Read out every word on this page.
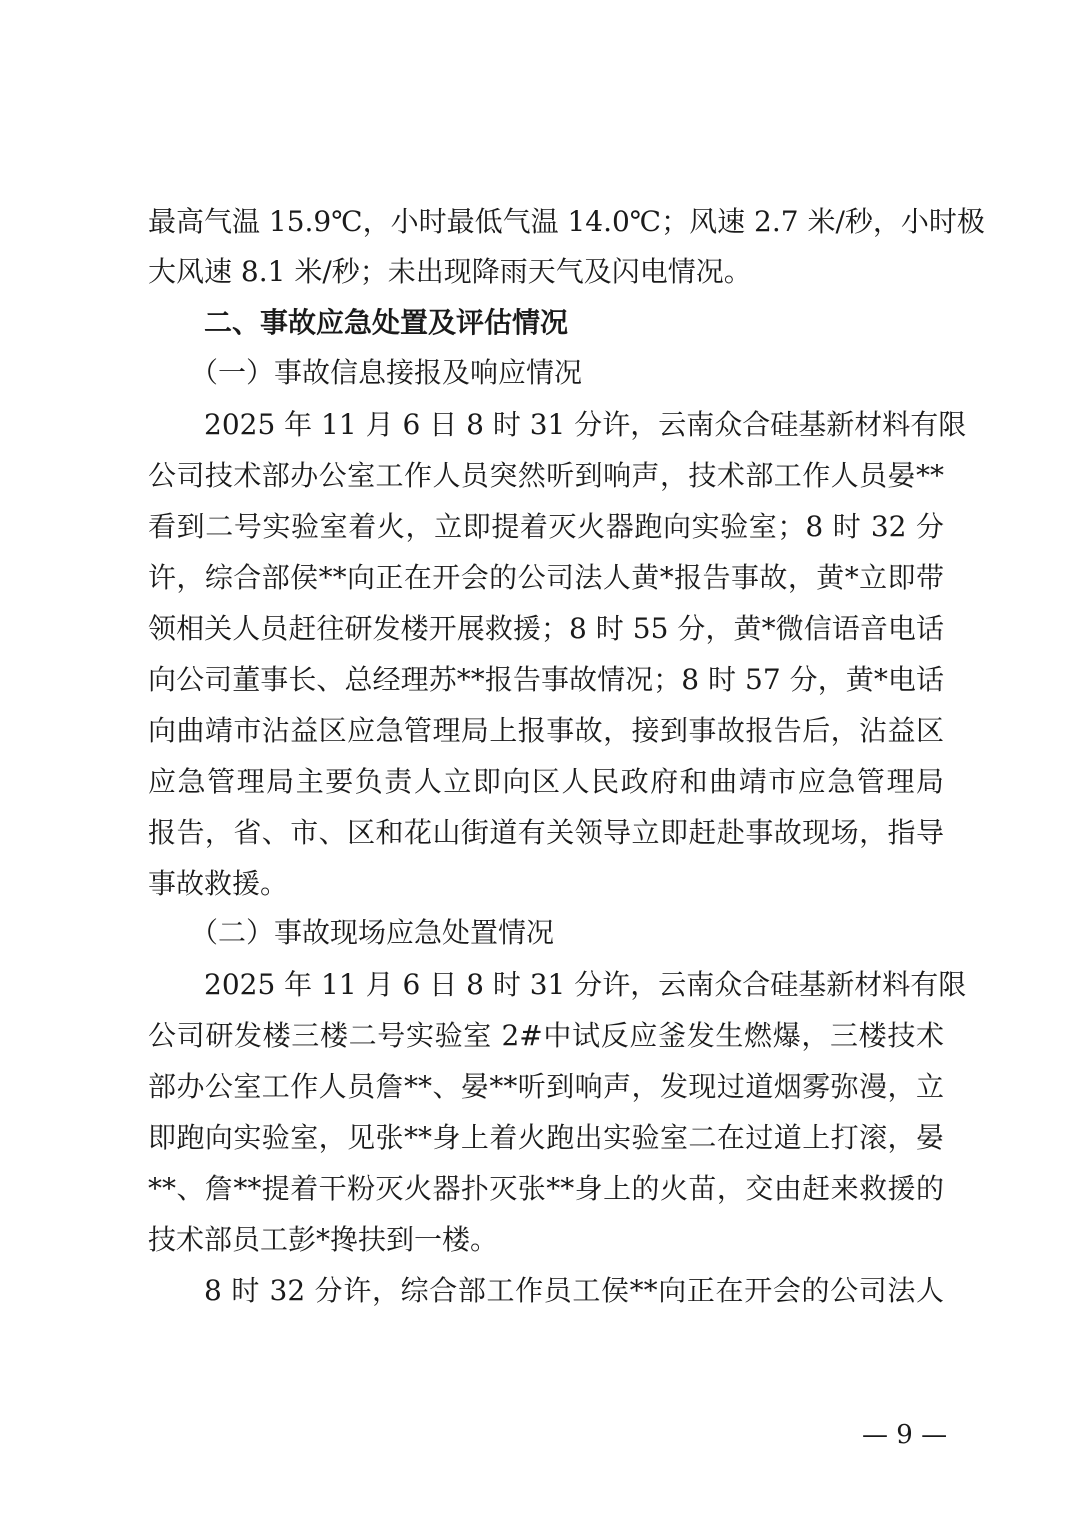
最高气温 15.9℃，小时最低气温 14.0℃；风速 2.7 米/秒，小时极
大风速 8.1 米/秒；未出现降雨天气及闪电情况。
二、事故应急处置及评估情况
（一）事故信息接报及响应情况
2025 年 11 月 6 日 8 时 31 分许，云南众合硅基新材料有限
公司技术部办公室工作人员突然听到响声，技术部工作人员晏**
看到二号实验室着火，立即提着灭火器跑向实验室；8 时 32 分
许，综合部侯**向正在开会的公司法人黄*报告事故，黄*立即带
领相关人员赶往研发楼开展救援；8 时 55 分，黄*微信语音电话
向公司董事长、总经理苏**报告事故情况；8 时 57 分，黄*电话
向曲靖市沾益区应急管理局上报事故，接到事故报告后，沾益区
应急管理局主要负责人立即向区人民政府和曲靖市应急管理局
报告，省、市、区和花山街道有关领导立即赶赴事故现场，指导
事故救援。
（二）事故现场应急处置情况
2025 年 11 月 6 日 8 时 31 分许，云南众合硅基新材料有限
公司研发楼三楼二号实验室 2#中试反应釜发生燃爆，三楼技术
部办公室工作人员詹**、晏**听到响声，发现过道烟雾弥漫，立
即跑向实验室，见张**身上着火跑出实验室二在过道上打滚，晏
**、詹**提着干粉灭火器扑灭张**身上的火苗，交由赶来救援的
技术部员工彭*搀扶到一楼。
8 时 32 分许，综合部工作员工侯**向正在开会的公司法人
— 9 —
